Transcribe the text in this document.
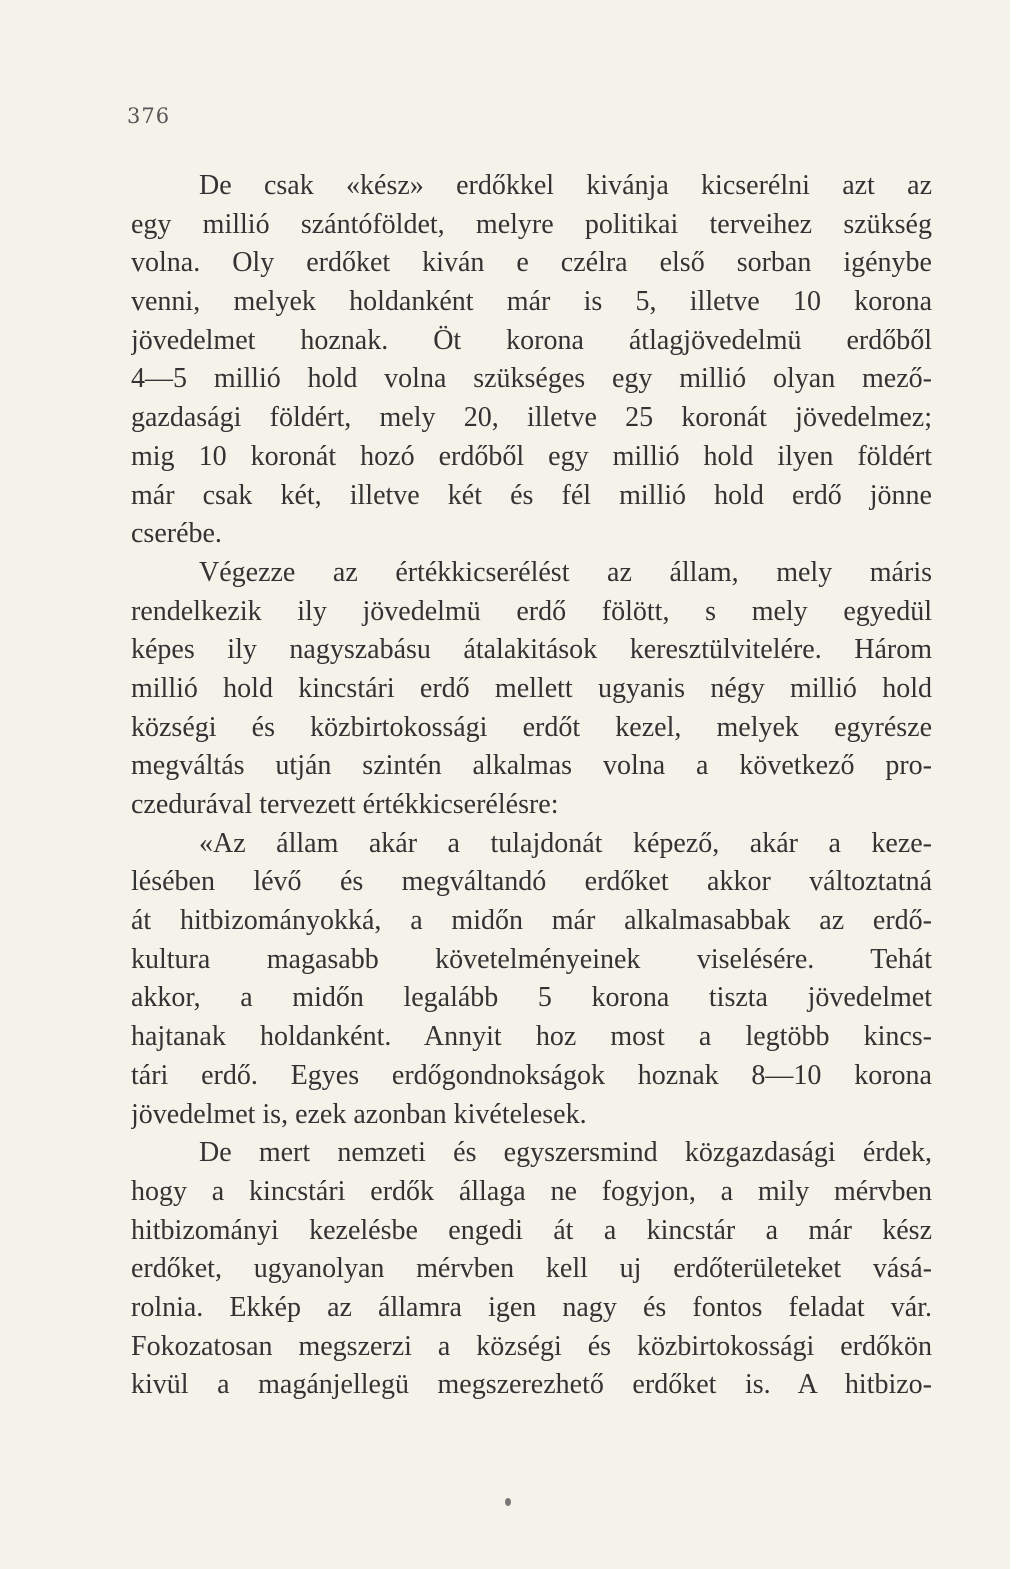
376
De csak «kész» erdőkkel kivánja kicserélni azt az
egy millió szántóföldet, melyre politikai terveihez szükség
volna. Oly erdőket kiván e czélra első sorban igénybe
venni, melyek holdanként már is 5, illetve 10 korona
jövedelmet hoznak. Öt korona átlagjövedelmü erdőből
4—5 millió hold volna szükséges egy millió olyan mező-
gazdasági földért, mely 20, illetve 25 koronát jövedelmez;
mig 10 koronát hozó erdőből egy millió hold ilyen földért
már csak két, illetve két és fél millió hold erdő jönne
cserébe.
Végezze az értékkicserélést az állam, mely máris
rendelkezik ily jövedelmü erdő fölött, s mely egyedül
képes ily nagyszabásu átalakitások keresztülvitelére. Három
millió hold kincstári erdő mellett ugyanis négy millió hold
községi és közbirtokossági erdőt kezel, melyek egyrésze
megváltás utján szintén alkalmas volna a következő pro-
czedurával tervezett értékkicserélésre:
«Az állam akár a tulajdonát képező, akár a keze-
lésében lévő és megváltandó erdőket akkor változtatná
át hitbizományokká, a midőn már alkalmasabbak az erdő-
kultura magasabb követelményeinek viselésére. Tehát
akkor, a midőn legalább 5 korona tiszta jövedelmet
hajtanak holdanként. Annyit hoz most a legtöbb kincs-
tári erdő. Egyes erdőgondnokságok hoznak 8—10 korona
jövedelmet is, ezek azonban kivételesek.
De mert nemzeti és egyszersmind közgazdasági érdek,
hogy a kincstári erdők állaga ne fogyjon, a mily mérvben
hitbizományi kezelésbe engedi át a kincstár a már kész
erdőket, ugyanolyan mérvben kell uj erdőterületeket vásá-
rolnia. Ekkép az államra igen nagy és fontos feladat vár.
Fokozatosan megszerzi a községi és közbirtokossági erdőkön
kivül a magánjellegü megszerezhető erdőket is. A hitbizo-
